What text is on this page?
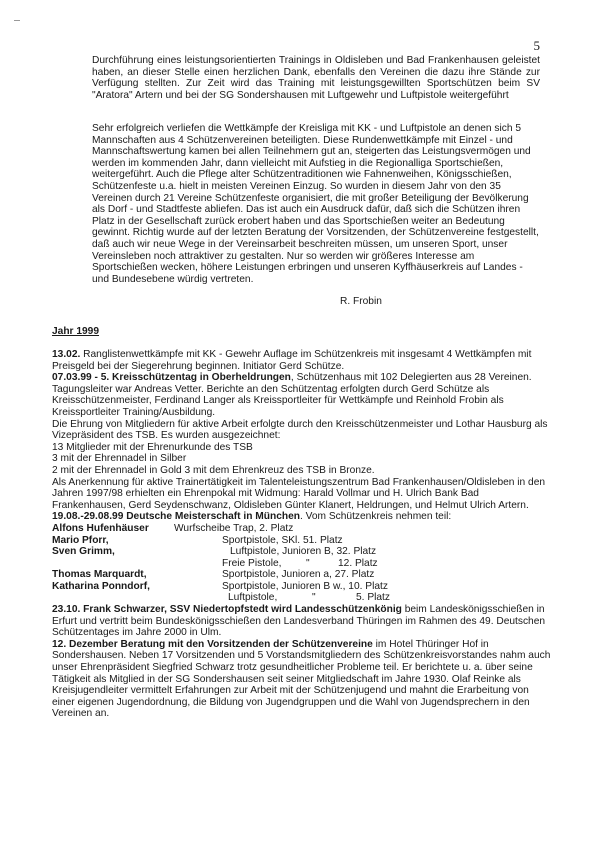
5

Durchführung eines leistungsorientierten Trainings in Oldisleben und Bad Frankenhausen geleistet haben, an dieser Stelle einen herzlichen Dank, ebenfalls den Vereinen die dazu ihre Stände zur Verfügung stellten. Zur Zeit wird das Training mit leistungsgewillten Sportschützen beim SV "Aratora" Artern und bei der SG Sondershausen mit Luftgewehr und Luftpistole weitergeführt

Sehr erfolgreich verliefen die Wettkämpfe der Kreisliga mit KK - und Luftpistole an denen sich 5 Mannschaften aus 4 Schützenvereinen beteiligten. Diese Rundenwettkämpfe mit Einzel - und Mannschaftswertung kamen bei allen Teilnehmern gut an, steigerten das Leistungsvermögen und werden im kommenden Jahr, dann vielleicht mit Aufstieg in die Regionalliga Sportschießen, weitergeführt. Auch die Pflege alter Schützentraditionen wie Fahnenweihen, Königsschießen, Schützenfeste u.a. hielt in meisten Vereinen Einzug. So wurden in diesem Jahr von den 35 Vereinen durch 21 Vereine Schützenfeste organisiert, die mit großer Beteiligung der Bevölkerung als Dorf - und Stadtfeste abliefen. Das ist auch ein Ausdruck dafür, daß sich die Schützen ihren Platz in der Gesellschaft zurück erobert haben und das Sportschießen weiter an Bedeutung gewinnt. Richtig wurde auf der letzten Beratung der Vorsitzenden, der Schützenvereine festgestellt, daß auch wir neue Wege in der Vereinsarbeit beschreiten müssen, um unseren Sport, unser Vereinsleben noch attraktiver zu gestalten. Nur so werden wir größeres Interesse am Sportschießen wecken, höhere Leistungen erbringen und unseren Kyffhäuserkreis auf Landes - und Bundesebene würdig vertreten.

R. Frobin

Jahr 1999

13.02. Ranglistenwettkämpfe mit KK - Gewehr Auflage im Schützenkreis mit insgesamt 4 Wettkämpfen mit Preisgeld bei der Siegerehrung beginnen. Initiator Gerd Schütze.

07.03.99 - 5. Kreisschützentag in Oberheldrungen, Schützenhaus mit 102 Delegierten aus 28 Vereinen. Tagungsleiter war Andreas Vetter. Berichte an den Schützentag erfolgten durch Gerd Schütze als Kreisschützenmeister, Ferdinand Langer als Kreissportleiter für Wettkämpfe und Reinhold Frobin als Kreissportleiter Training/Ausbildung.

Die Ehrung von Mitgliedern für aktive Arbeit erfolgte durch den Kreisschützenmeister und Lothar Hausburg als Vizepräsident des TSB. Es wurden ausgezeichnet:

13 Mitglieder mit der Ehrenurkunde des TSB

3 mit der Ehrennadel in Silber

2 mit der Ehrennadel in Gold 3 mit dem Ehrenkreuz des TSB in Bronze.

Als Anerkennung für aktive Trainertätigkeit im Talenteleistungszentrum Bad Frankenhausen/Oldisleben in den Jahren 1997/98 erhielten ein Ehrenpokal mit Widmung: Harald Vollmar und H. Ulrich Bank Bad Frankenhausen, Gerd Seydenschwanz, Oldisleben Günter Klanert, Heldrungen, und Helmut Ulrich Artern.

19.08.-29.08.99 Deutsche Meisterschaft in München. Vom Schützenkreis nehmen teil:

Alfons Hufenhäuser	Wurfscheibe Trap, 2. Platz
Mario Pforr,	Sportpistole, SKl. 51. Platz
Sven Grimm,	Luftpistole, Junioren B, 32. Platz
Freie Pistole,	"	12. Platz
Thomas Marquardt,	Sportpistole, Junioren a, 27. Platz
Katharina Ponndorf,	Sportpistole, Junioren B w., 10. Platz
Luftpistole,	"	5. Platz

23.10. Frank Schwarzer, SSV Niedertopfstedt wird Landesschützenkönig beim Landeskönigsschießen in Erfurt und vertritt beim Bundeskönigsschießen den Landesverband Thüringen im Rahmen des 49. Deutschen Schützentages im Jahre 2000 in Ulm.

12. Dezember Beratung mit den Vorsitzenden der Schützenvereine im Hotel Thüringer Hof in Sondershausen. Neben 17 Vorsitzenden und 5 Vorstandsmitgliedern des Schützenkreisvorstandes nahm auch unser Ehrenpräsident Siegfried Schwarz trotz gesundheitlicher Probleme teil. Er berichtete u. a. über seine Tätigkeit als Mitglied in der SG Sondershausen seit seiner Mitgliedschaft im Jahre 1930. Olaf Reinke als Kreisjugendleiter vermittelt Erfahrungen zur Arbeit mit der Schützenjugend und mahnt die Erarbeitung von einer eigenen Jugendordnung, die Bildung von Jugendgruppen und die Wahl von Jugendsprechern in den Vereinen an.
